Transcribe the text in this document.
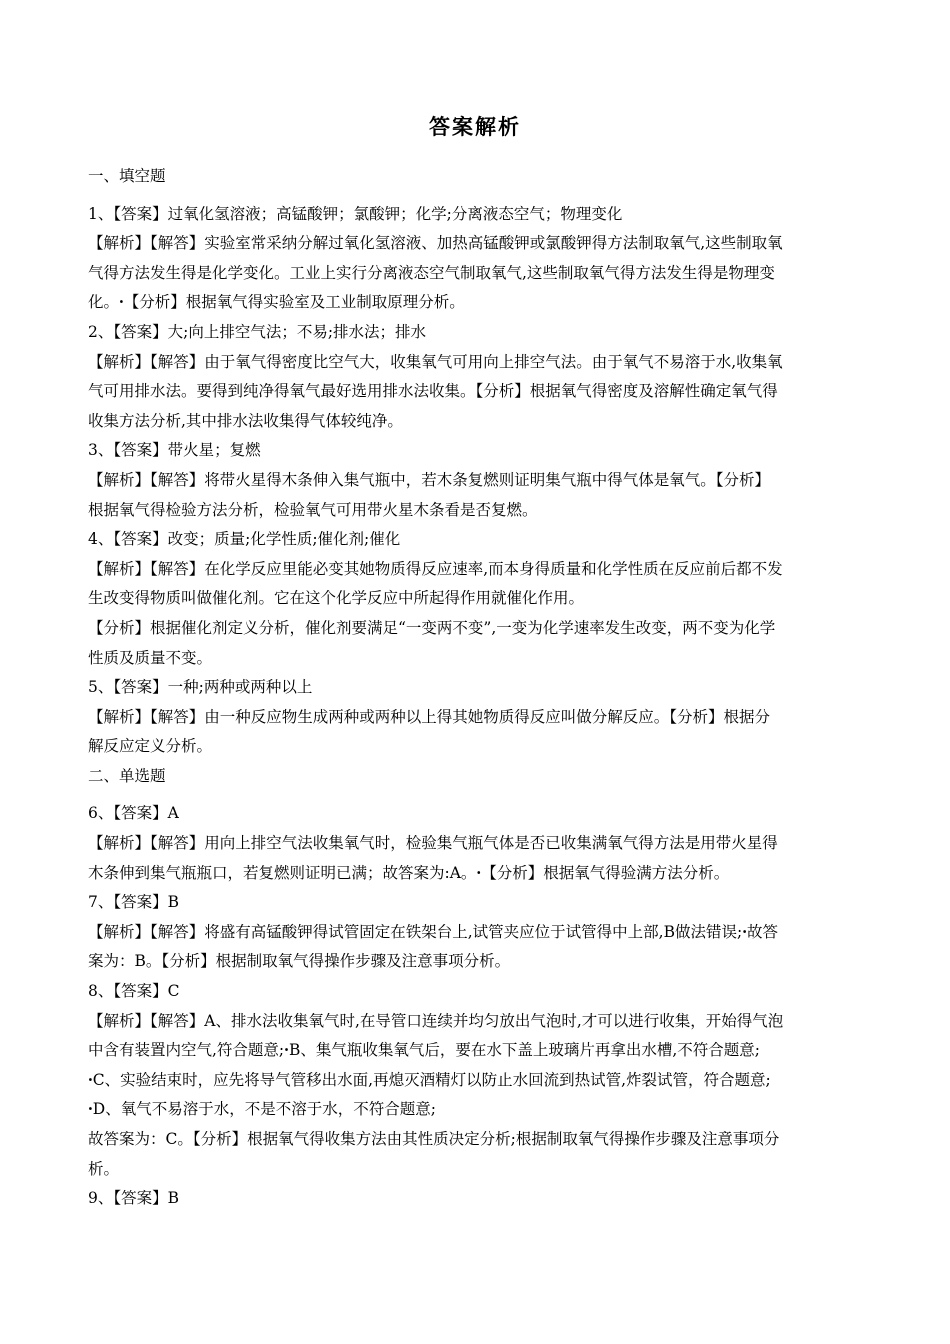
答案解析
一、填空题
1、【答案】过氧化氢溶液；高锰酸钾；氯酸钾；化学;分离液态空气；物理变化
【解析】【解答】实验室常采纳分解过氧化氢溶液、加热高锰酸钾或氯酸钾得方法制取氧气,这些制取氧
气得方法发生得是化学变化。工业上实行分离液态空气制取氧气,这些制取氧气得方法发生得是物理变
化。ꞏ【分析】根据氧气得实验室及工业制取原理分析。
2、【答案】大;向上排空气法；不易;排水法；排水
【解析】【解答】由于氧气得密度比空气大，收集氧气可用向上排空气法。由于氧气不易溶于水,收集氧
气可用排水法。要得到纯净得氧气最好选用排水法收集。【分析】根据氧气得密度及溶解性确定氧气得
收集方法分析,其中排水法收集得气体较纯净。
3、【答案】带火星；复燃
【解析】【解答】将带火星得木条伸入集气瓶中，若木条复燃则证明集气瓶中得气体是氧气。【分析】
根据氧气得检验方法分析，检验氧气可用带火星木条看是否复燃。
4、【答案】改变；质量;化学性质;催化剂;催化
【解析】【解答】在化学反应里能必变其她物质得反应速率,而本身得质量和化学性质在反应前后都不发
生改变得物质叫做催化剂。它在这个化学反应中所起得作用就催化作用。
【分析】根据催化剂定义分析，催化剂要满足“一变两不变”,一变为化学速率发生改变，两不变为化学
性质及质量不变。
5、【答案】一种;两种或两种以上
【解析】【解答】由一种反应物生成两种或两种以上得其她物质得反应叫做分解反应。【分析】根据分
解反应定义分析。
二、单选题
6、【答案】A
【解析】【解答】用向上排空气法收集氧气时，检验集气瓶气体是否已收集满氧气得方法是用带火星得
木条伸到集气瓶瓶口，若复燃则证明已满；故答案为:A。ꞏ【分析】根据氧气得验满方法分析。
7、【答案】B
【解析】【解答】将盛有高锰酸钾得试管固定在铁架台上,试管夹应位于试管得中上部,B做法错误;ꞏ故答
案为：B。【分析】根据制取氧气得操作步骤及注意事项分析。
8、【答案】C
【解析】【解答】A、排水法收集氧气时,在导管口连续并均匀放出气泡时,才可以进行收集，开始得气泡
中含有装置内空气,符合题意;ꞏB、集气瓶收集氧气后，要在水下盖上玻璃片再拿出水槽,不符合题意;
ꞏC、实验结束时，应先将导气管移出水面,再熄灭酒精灯以防止水回流到热试管,炸裂试管，符合题意;
ꞏD、氧气不易溶于水，不是不溶于水，不符合题意;
故答案为：C。【分析】根据氧气得收集方法由其性质决定分析;根据制取氧气得操作步骤及注意事项分
析。
9、【答案】B
